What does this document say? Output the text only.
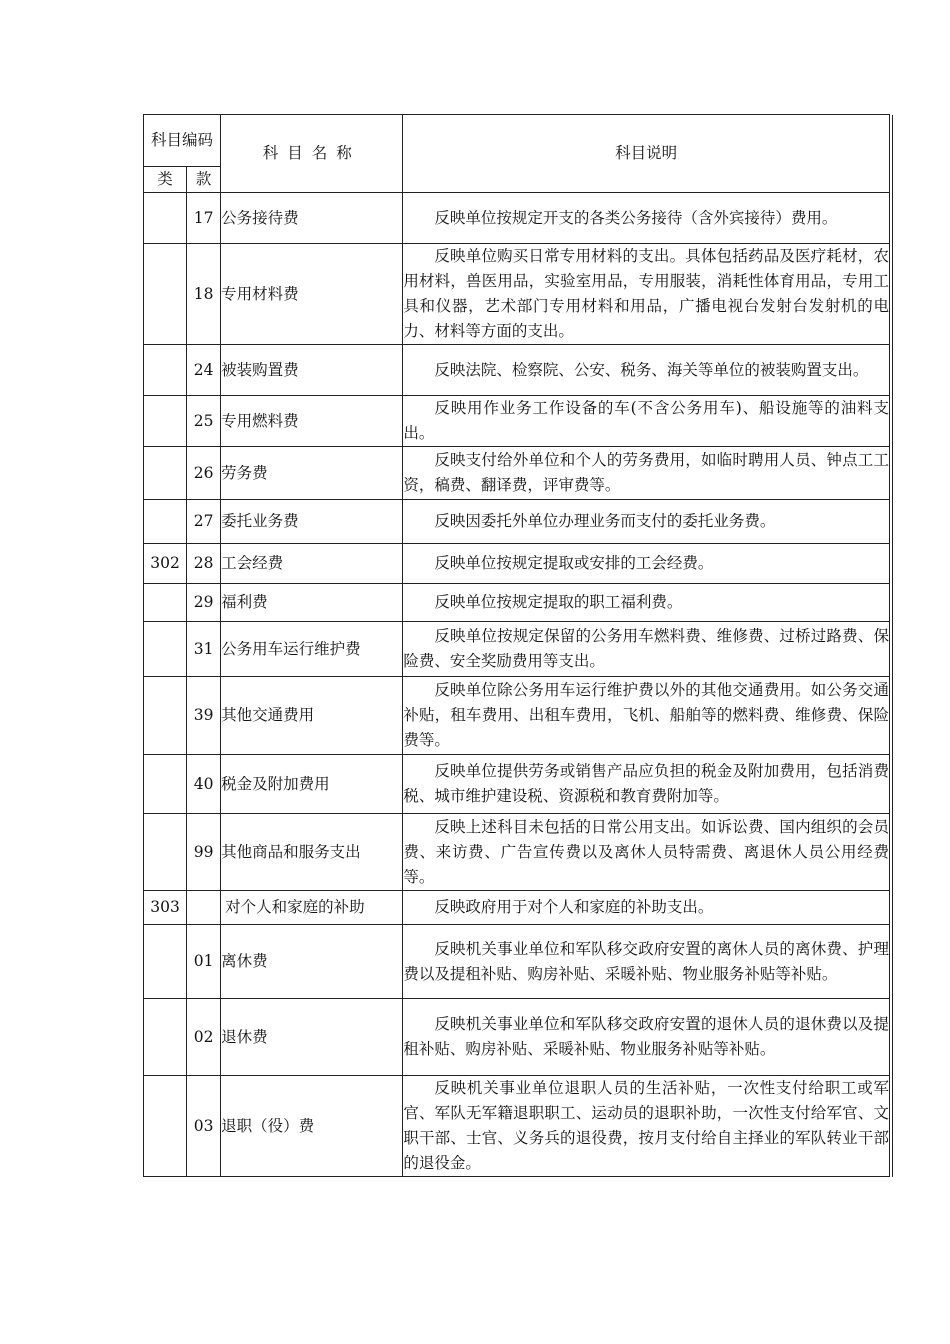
科目编码		科目名称	科目说明
类	款		
	17	公务接待费	反映单位按规定开支的各类公务接待（含外宾接待）费用。
	18	专用材料费	反映单位购买日常专用材料的支出。具体包括药品及医疗耗材，农用材料，兽医用品，实验室用品，专用服装，消耗性体育用品，专用工具和仪器，艺术部门专用材料和用品，广播电视台发射台发射机的电力、材料等方面的支出。
	24	被装购置费	反映法院、检察院、公安、税务、海关等单位的被装购置支出。
	25	专用燃料费	反映用作业务工作设备的车(不含公务用车)、船设施等的油料支出。
	26	劳务费	反映支付给外单位和个人的劳务费用，如临时聘用人员、钟点工工资，稿费、翻译费，评审费等。
	27	委托业务费	反映因委托外单位办理业务而支付的委托业务费。
302	28	工会经费	反映单位按规定提取或安排的工会经费。
	29	福利费	反映单位按规定提取的职工福利费。
	31	公务用车运行维护费	反映单位按规定保留的公务用车燃料费、维修费、过桥过路费、保险费、安全奖励费用等支出。
	39	其他交通费用	反映单位除公务用车运行维护费以外的其他交通费用。如公务交通补贴，租车费用、出租车费用，飞机、船舶等的燃料费、维修费、保险费等。
	40	税金及附加费用	反映单位提供劳务或销售产品应负担的税金及附加费用，包括消费税、城市维护建设税、资源税和教育费附加等。
	99	其他商品和服务支出	反映上述科目未包括的日常公用支出。如诉讼费、国内组织的会员费、来访费、广告宣传费以及离休人员特需费、离退休人员公用经费等。
303		对个人和家庭的补助	反映政府用于对个人和家庭的补助支出。
	01	离休费	反映机关事业单位和军队移交政府安置的离休人员的离休费、护理费以及提租补贴、购房补贴、采暖补贴、物业服务补贴等补贴。
	02	退休费	反映机关事业单位和军队移交政府安置的退休人员的退休费以及提租补贴、购房补贴、采暖补贴、物业服务补贴等补贴。
	03	退职（役）费	反映机关事业单位退职人员的生活补贴，一次性支付给职工或军官、军队无军籍退职职工、运动员的退职补助，一次性支付给军官、文职干部、士官、义务兵的退役费，按月支付给自主择业的军队转业干部的退役金。
